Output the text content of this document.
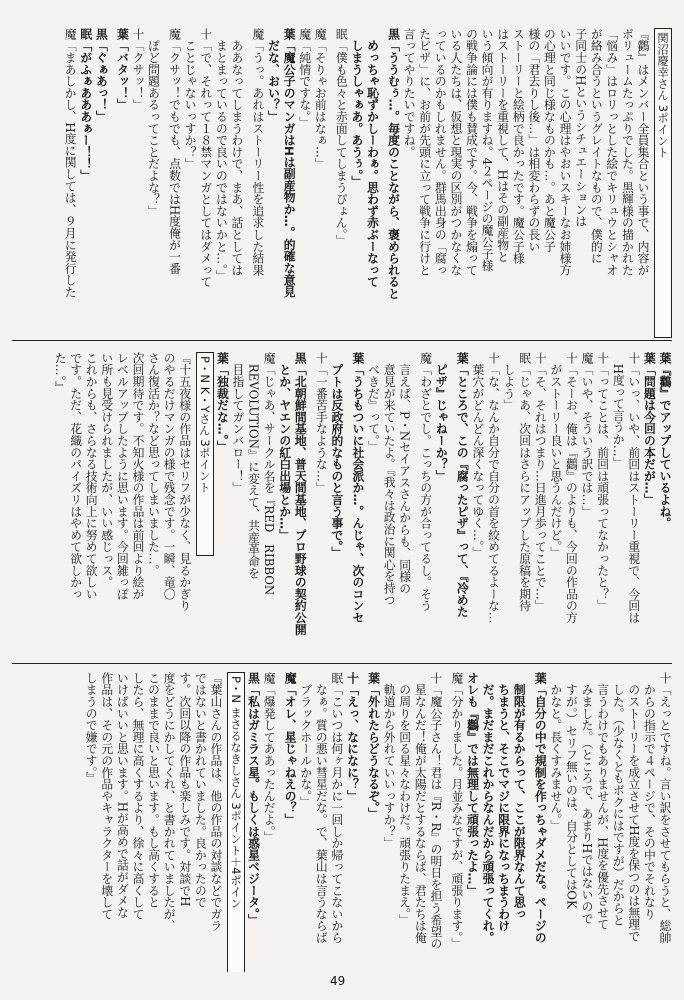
関沼慶幸さん 3ポイント
『鸛』はメンバー全員集合という事で、内容が
ボリュームたっぷりでした。黒輝様の描かれた
「悩み」はロリっとした絵でキリュウとシャオ
が絡み合うというグレイトなもので、僕的に
子同士のHというシチュエーションは
いいです。この心理はやおいスキーなお姉様方
の心理と同じ様なものかも…。あと魔公子
様の「君去りし後…」は相変わらずの長い
ストーリーと絵柄で良かったです。魔公子様
はストーリーを重視して、Hはその副産物と
いう傾向が有りますね。4２ページの魔公子様
の戦争論には僕も賛成です。今、戦争を煽って
いる人たちは、仮想と現実の区別がつかなくな
っているのかもしれません。群馬出身の「腐っ
たピザ」に、お前が先頭に立って戦争に行けと
言ってやりたいですね。
黒「ううむぅ…。毎度のことながら、褒められると
　めっちゃ恥ずかしーわぁ。思わず赤ぶーなって
　しまうしゃぁあ。あうぅ。」
眠「僕も色々と赤面してしまうぴょん。」
魔「そりゃお前はなぁ…」
魔「純情ですな。」
葉「魔公子のマンガはHは副産物か…。的確な意見
　だな、おい？」
魔「うっ。あれはストーリー性を追求した結果
　ああなってしまうわけで、まあ、話としては
　まとまっているので良いのではないかと…。」
十「で、それって１８禁マンガとしてはダメって
　ことじゃないっすか？」
魔「クサッ！でもでも、点数ではH度俺が一番
　ぽど問題あるってことだよな？」
十「クサッ！」
葉「バタッ！」
黒「ぐぁあっ！」
眠「がふぁあああぁー！！」
魔「まあしかし、H度に関しては、９月に発行した
葉『鸛』でアップしているよね。
葉「問題は今回の本だが…」
十「いっ、いや、前回はストーリー重視で、今回は
　H度って言うか…」
十「ってことは、前回は頑張ってなかったと？」
魔「いや、そういう訳では…」
十「そーお、俺は『鸛』のよりも、今回の作品の方
　がストーリー良いと思うんだけど。」
十「そ、それはつまり…日進月歩ってことで…」
眠「じゃあ、次回はさらにアップした原稿を期待
　しよう」
十「な、なんか自分で自分の首を絞めてるよーな…
　葉穴がどんどん深くなってゆく…。」
葉「ところで、この『腐ったピザ』って、『冷めた
　ピザ』じゃねーか？」
魔「わざとでし。こっちの方が合ってるし。そう
　言えば、P・Nセイアスさんからも、同様の
　意見が来ていたよ。『我々は政治に関心を持つ
　べきだ』って。」
葉「うちもついに社会派か…。んじゃ、次のコンセ
　プトは反政府的なものと言う事で。」
十「一番苦手なような…」
黒「北朝鮮間基地、普天間基地、プロ野球の契約公開
　とか、ヤエンの紅白出場とか…」
魔「じゃあ、サークル名を『RED　RIBBON
　REVOLUTION』に変えて、共産革命を
　目指してガンバロー！」
葉「独裁だな…。」
P・N K・Yさん 3ポイント
『十五夜様の作品はセリフが少なく、見るかぎり
のやるだけマンガの様で残念です。一瞬、竜〇
さん復活か？など思ってしまいました…。
次回期待です。不知火様の作品は前回より絵が
レベルアップしたように思います。今回雑っぽ
い所も見受けられましたが、いい感じっス。
これからも、さらなる技術向上に努めて欲しい
です。ただ、花織のパイズリはやめて欲しかっ
た…。』
十「えっとですね。言い訳をさせてもらうと、総帥
　からの指示で４ページで、その中でそれなり
　のストーリーを成立させてH度を保つのは無理で
　した。（少なくともボクにはですが）だからと
　言うわけでもありませんが、H度を優先させて
　みました。（ところで、あまりHではないので
　すが。）セリフ無いのは、自分としてはOK
　かなと。長くすみません。」
葉「自分の中で規制を作っちゃダメだな。ページの
　制限が有るからって、ここが限界なんて思っ
　ちまうと、そこでマジに限界になっちまうわけ
　だ。まだまだこれからなんだから頑張ってくれ。
オレも『鸛』では無理して頑張ったよ…」
魔「分かりました。月並みなですが、頑張ります。」
十「魔公子さん！君は『R・R』の明日を担う希望の
　星なんだ！俺が太陽だとするならば、君たちは俺
　の周りを回る星々なわけだ。頑張りたまえ。」
　軌道から外れていいっすか？」
葉「外れたらどうなるぞ。」
十「えっ、なになに？」
眠「こいつは何ヶ月かに一回しか帰ってこないから
　なぁ。質の悪い彗星だな。で、葉山は言うならば
　ブラックホールかな。」
魔「オレ、星じゃねえの？」
魔「爆発してああったんだよ。」
黒「私はガミラス星。もしくは惑星ベジータ。」
P・N まさるなきしさん 3ポイント＋4ポイン
『葉山さんの作品は、他の作品の対談などでガラ
ではないと書かれていました。良かったので
す。次回以降の作品も楽しみです。対談でH
度をどうにかしてくれ、と書かれていましたが、
このままで良いと思います。もし高くすると
したら、無理に高くするより、徐々に高くして
いけばいいと思います。Hが高めで話がダメな
作品は、その元の作品やキャラクターを壊して
しまうので嫌です。』
49
